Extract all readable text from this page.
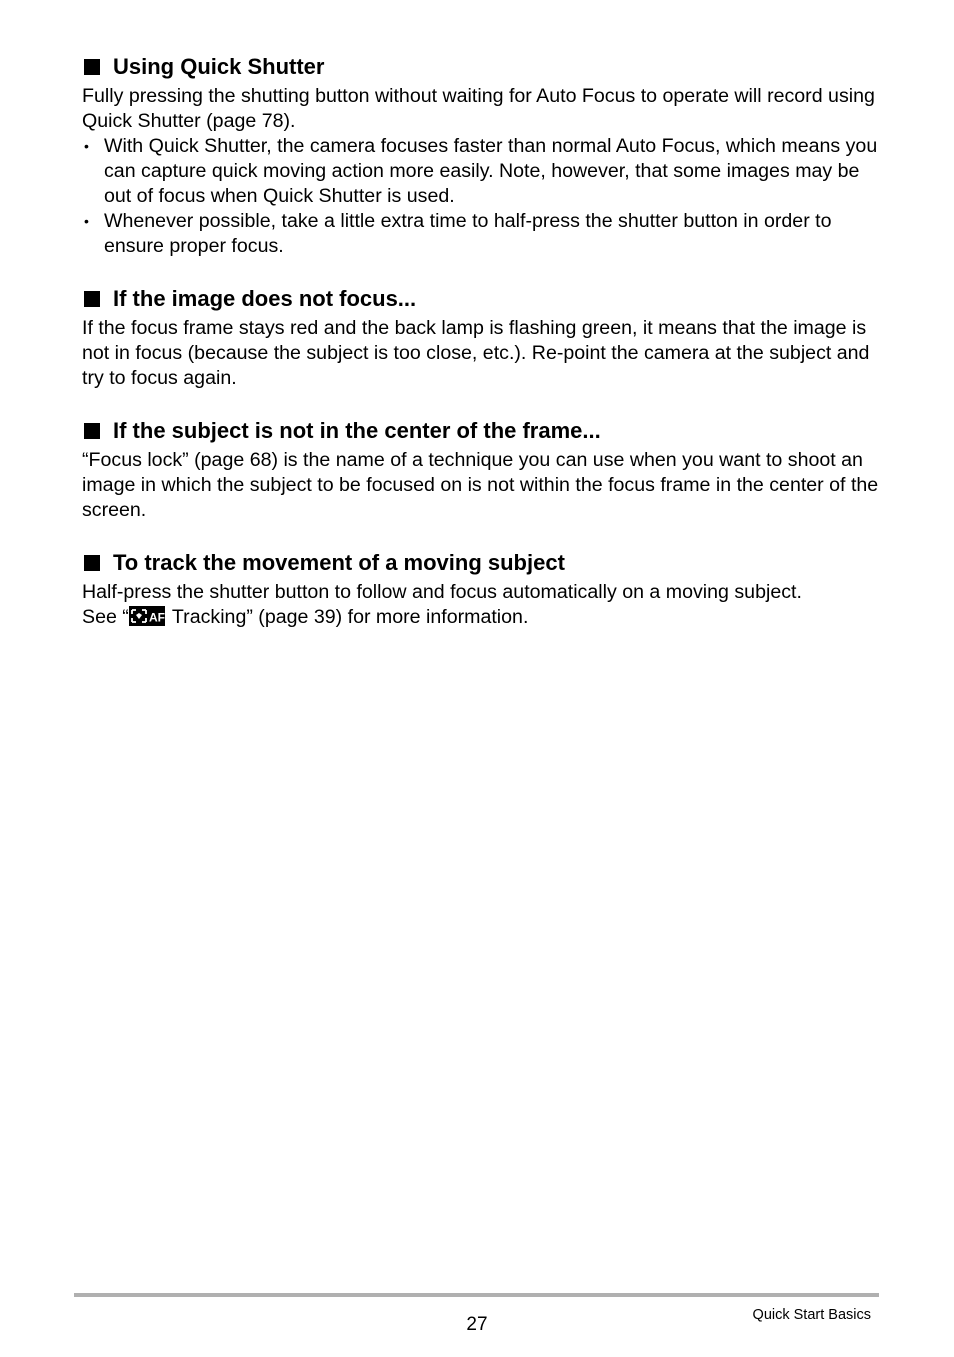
Using Quick Shutter

Fully pressing the shutting button without waiting for Auto Focus to operate will record using Quick Shutter (page 78).

• With Quick Shutter, the camera focuses faster than normal Auto Focus, which means you can capture quick moving action more easily. Note, however, that some images may be out of focus when Quick Shutter is used.
• Whenever possible, take a little extra time to half-press the shutter button in order to ensure proper focus.
If the image does not focus...

If the focus frame stays red and the back lamp is flashing green, it means that the image is not in focus (because the subject is too close, etc.). Re-point the camera at the subject and try to focus again.

If the subject is not in the center of the frame...

“Focus lock” (page 68) is the name of a technique you can use when you want to shoot an image in which the subject to be focused on is not within the focus frame in the center of the screen.

To track the movement of a moving subject

Half-press the shutter button to follow and focus automatically on a moving subject.
See “ AF Tracking” (page 39) for more information.

27	Quick Start Basics
